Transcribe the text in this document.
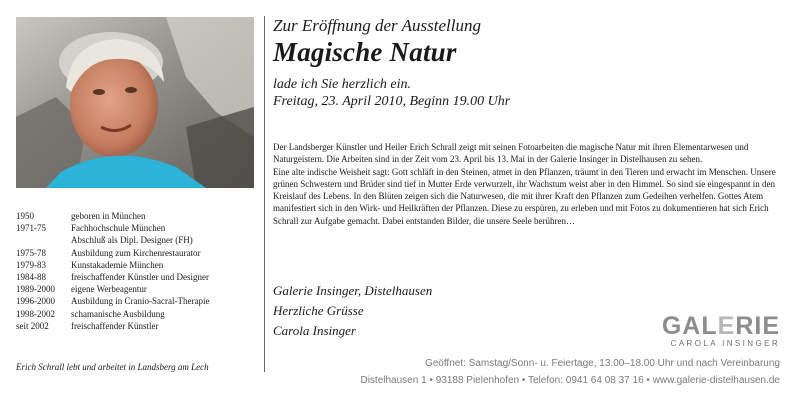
1950	geboren in München
1971-75	Fachhochschule München
Abschluß als Dipl. Designer (FH)
1975-78	Ausbildung zum Kirchenrestaurator
1979-83	Kunstakademie München
1984-88	freischaffender Künstler und Designer
1989-2000	eigene Werbeagentur
1996-2000	Ausbildung in Cranio-Sacral-Therapie
1998-2002	schamanische Ausbildung
seit 2002	freischaffender Künstler
Erich Schrall lebt und arbeitet in Landsberg am Lech
Zur Eröffnung der Ausstellung
Magische Natur
lade ich Sie herzlich ein.
Freitag, 23. April 2010, Beginn 19.00 Uhr

Der Landsberger Künstler und Heiler Erich Schrall zeigt mit seinen Fotoarbeiten die magische Natur mit ihren Elementarwesen und Naturgeistern. Die Arbeiten sind in der Zeit vom 23. April bis 13. Mai in der Galerie Insinger in Distelhausen zu sehen.

Eine alte indische Weisheit sagt: Gott schläft in den Steinen, atmet in den Pflanzen, träumt in den Tieren und erwacht im Menschen. Unsere grünen Schwestern und Brüder sind tief in Mutter Erde verwurzelt, ihr Wachstum weist aber in den Himmel. So sind sie eingespannt in den Kreislauf des Lebens. In den Blüten zeigen sich die Naturwesen, die mit ihrer Kraft den Pflanzen zum Gedeihen verhelfen. Gottes Atem manifestiert sich in den Wirk- und Heilkräften der Pflanzen. Diese zu erspüren, zu erleben und mit Fotos zu dokumentieren hat sich Erich Schrall zur Aufgabe gemacht. Dabei entstanden Bilder, die unsere Seele berühren…

Galerie Insinger, Distelhausen
Herzliche Grüsse
Carola Insinger	GALERIE
CAROLA INSINGER
Geöffnet: Samstag/Sonn- u. Feiertage, 13.00–18.00 Uhr und nach Vereinbarung
Distelhausen 1 • 93188 Pielenhofen • Telefon: 0941 64 08 37 16 • www.galerie-distelhausen.de
